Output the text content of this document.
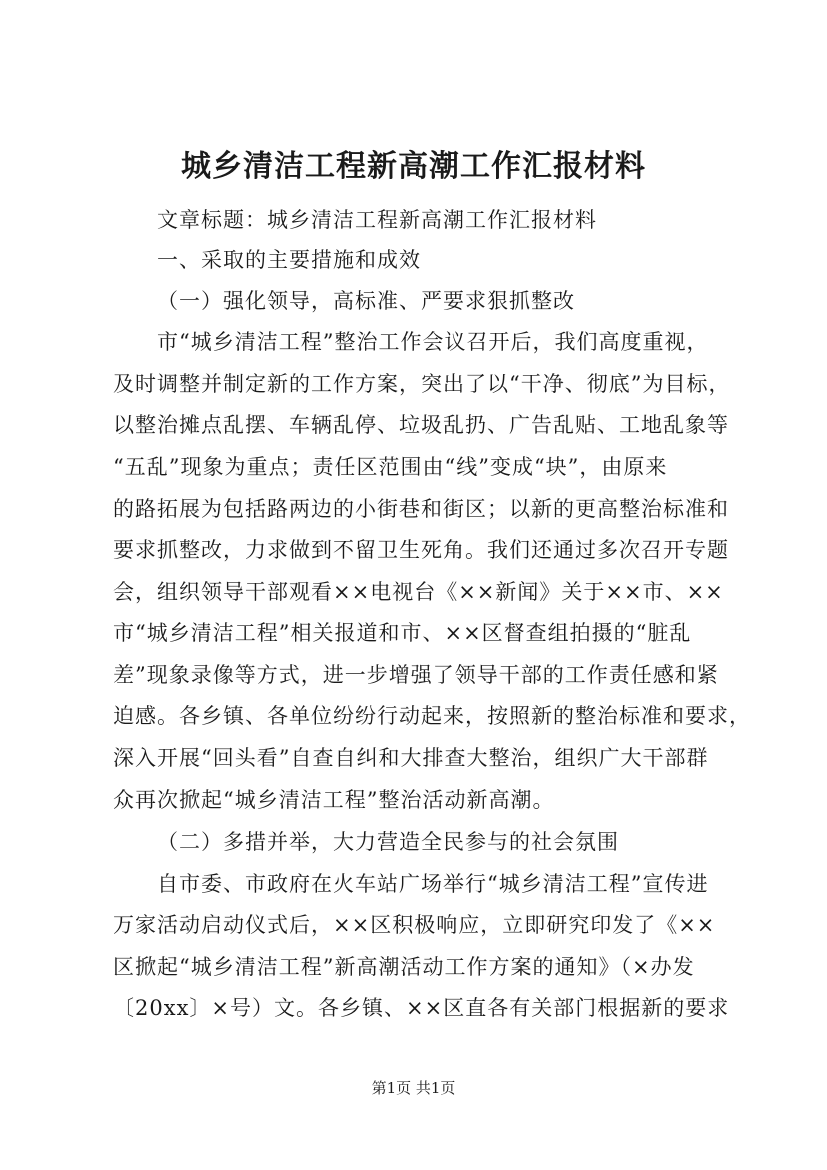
城乡清洁工程新高潮工作汇报材料
文章标题：城乡清洁工程新高潮工作汇报材料
一、采取的主要措施和成效
（一）强化领导，高标准、严要求狠抓整改
市“城乡清洁工程”整治工作会议召开后，我们高度重视，
及时调整并制定新的工作方案，突出了以“干净、彻底”为目标，
以整治摊点乱摆、车辆乱停、垃圾乱扔、广告乱贴、工地乱象等
“五乱”现象为重点；责任区范围由“线”变成“块”，由原来
的路拓展为包括路两边的小街巷和街区；以新的更高整治标准和
要求抓整改，力求做到不留卫生死角。我们还通过多次召开专题
会，组织领导干部观看××电视台《××新闻》关于××市、××
市“城乡清洁工程”相关报道和市、××区督查组拍摄的“脏乱
差”现象录像等方式，进一步增强了领导干部的工作责任感和紧
迫感。各乡镇、各单位纷纷行动起来，按照新的整治标准和要求，
深入开展“回头看”自查自纠和大排查大整治，组织广大干部群
众再次掀起“城乡清洁工程”整治活动新高潮。
（二）多措并举，大力营造全民参与的社会氛围
自市委、市政府在火车站广场举行“城乡清洁工程”宣传进
万家活动启动仪式后，××区积极响应，立即研究印发了《××
区掀起“城乡清洁工程”新高潮活动工作方案的通知》（×办发
〔20xx〕×号）文。各乡镇、××区直各有关部门根据新的要求
第1页 共1页
